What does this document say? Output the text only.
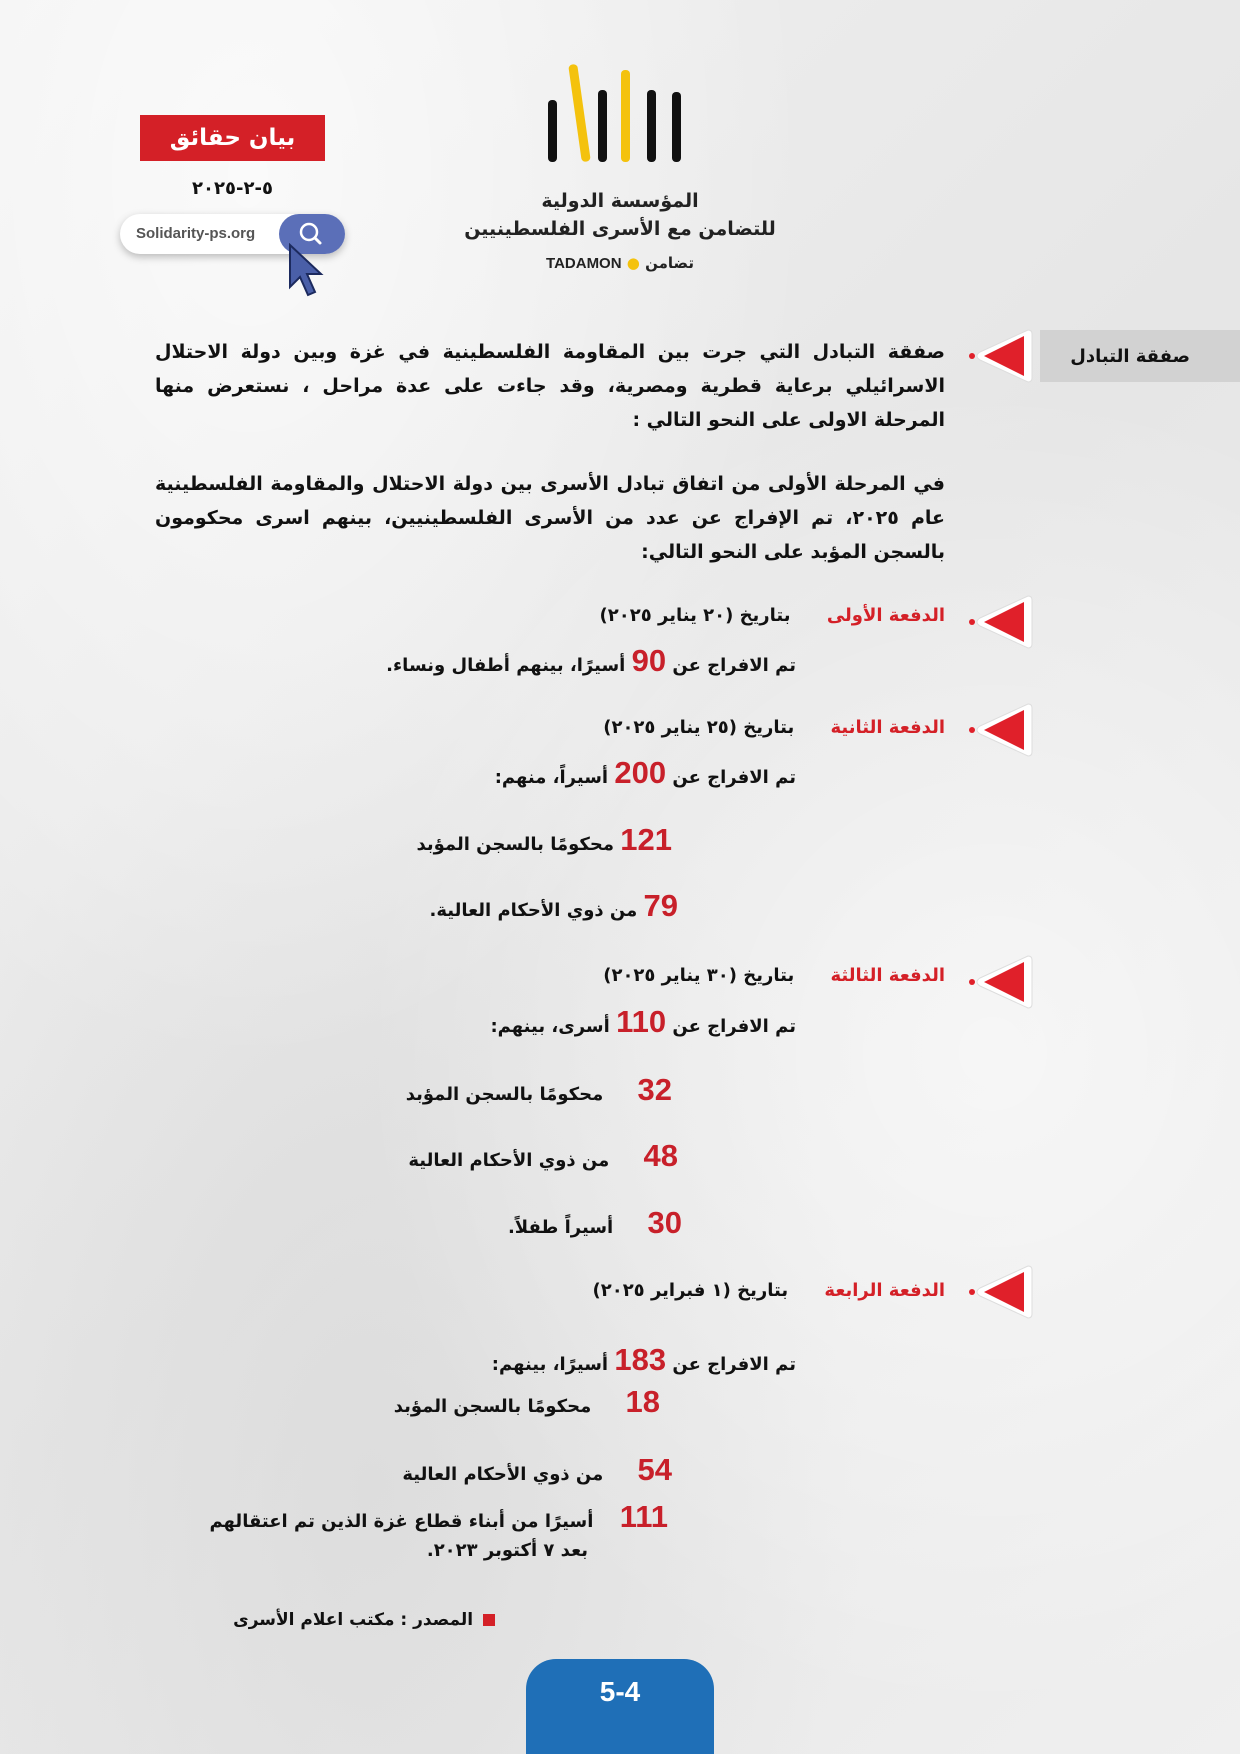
المؤسسة الدولية
للتضامن مع الأسرى الفلسطينيين
تضامن ● TADAMON
بيان حقائق
٥-٢-٢٠٢٥
Solidarity-ps.org
صفقة التبادل
صفقة التبادل التي جرت بين المقاومة الفلسطينية في غزة وبين دولة الاحتلال الاسرائيلي برعاية قطرية ومصرية، وقد جاءت على عدة مراحل ، نستعرض منها المرحلة الاولى على النحو التالي :
في المرحلة الأولى من اتفاق تبادل الأسرى بين دولة الاحتلال والمقاومة الفلسطينية عام ٢٠٢٥، تم الإفراج عن عدد من الأسرى الفلسطينيين، بينهم اسرى محكومون بالسجن المؤبد على النحو التالي:
الدفعة الأولى بتاريخ (٢٠ يناير ٢٠٢٥)
تم الافراج عن 90 أسيرًا، بينهم أطفال ونساء.
الدفعة الثانية بتاريخ (٢٥ يناير ٢٠٢٥)
تم الافراج عن 200 أسيراً، منهم:
121 محكومًا بالسجن المؤبد
79 من ذوي الأحكام العالية.
الدفعة الثالثة بتاريخ (٣٠ يناير ٢٠٢٥)
تم الافراج عن 110 أسرى، بينهم:
32 محكومًا بالسجن المؤبد
48 من ذوي الأحكام العالية
30 أسيراً طفلاً.
الدفعة الرابعة بتاريخ (١ فبراير ٢٠٢٥)
تم الافراج عن 183 أسيرًا، بينهم:
18 محكومًا بالسجن المؤبد
54 من ذوي الأحكام العالية
111 أسيرًا من أبناء قطاع غزة الذين تم اعتقالهم
بعد ٧ أكتوبر ٢٠٢٣.
المصدر : مكتب اعلام الأسرى
5-4
